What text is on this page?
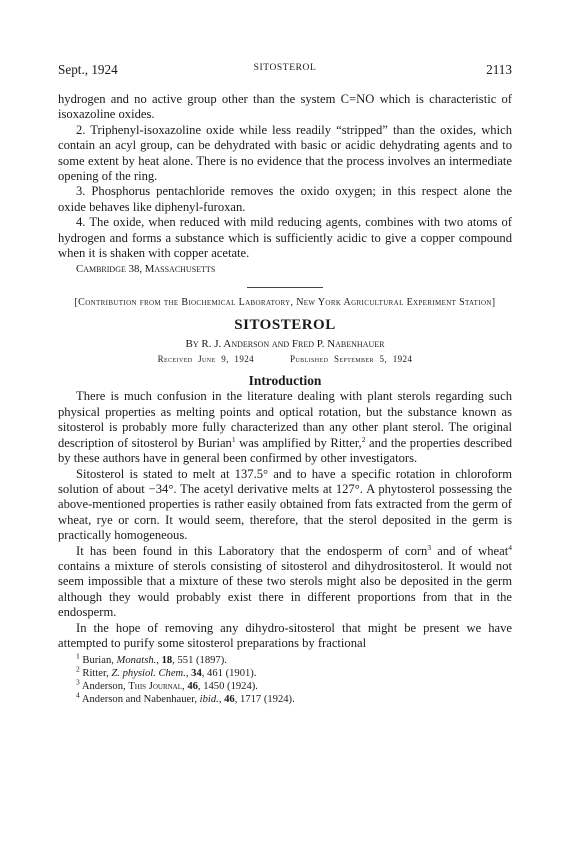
Sept., 1924	SITOSTEROL	2113

hydrogen and no active group other than the system C=NO which is characteristic of isoxazoline oxides.

2. Triphenyl-isoxazoline oxide while less readily “stripped” than the oxides, which contain an acyl group, can be dehydrated with basic or acidic dehydrating agents and to some extent by heat alone. There is no evidence that the process involves an intermediate opening of the ring.

3. Phosphorus pentachloride removes the oxido oxygen; in this respect alone the oxide behaves like diphenyl-furoxan.

4. The oxide, when reduced with mild reducing agents, combines with two atoms of hydrogen and forms a substance which is sufficiently acidic to give a copper compound when it is shaken with copper acetate.

Cambridge 38, Massachusetts
[Contribution from the Biochemical Laboratory, New York Agricultural Experiment Station]
SITOSTEROL
By R. J. Anderson and Fred P. Nabenhauer
Received June 9, 1924	Published September 5, 1924
Introduction

There is much confusion in the literature dealing with plant sterols regarding such physical properties as melting points and optical rotation, but the substance known as sitosterol is probably more fully characterized than any other plant sterol. The original description of sitosterol by Burian$^1$ was amplified by Ritter,$^2$ and the properties described by these authors have in general been confirmed by other investigators.

Sitosterol is stated to melt at 137.5° and to have a specific rotation in chloroform solution of about −34°. The acetyl derivative melts at 127°. A phytosterol possessing the above-mentioned properties is rather easily obtained from fats extracted from the germ of wheat, rye or corn. It would seem, therefore, that the sterol deposited in the germ is practically homogeneous.

It has been found in this Laboratory that the endosperm of corn$^3$ and of wheat$^4$ contains a mixture of sterols consisting of sitosterol and dihydrositosterol. It would not seem impossible that a mixture of these two sterols might also be deposited in the germ although they would probably exist there in different proportions from that in the endosperm.

In the hope of removing any dihydro-sitosterol that might be present we have attempted to purify some sitosterol preparations by fractional

$^1$ Burian, Monatsh., 18, 551 (1897).
$^2$ Ritter, Z. physiol. Chem., 34, 461 (1901).
$^3$ Anderson, This Journal, 46, 1450 (1924).
$^4$ Anderson and Nabenhauer, ibid., 46, 1717 (1924).
